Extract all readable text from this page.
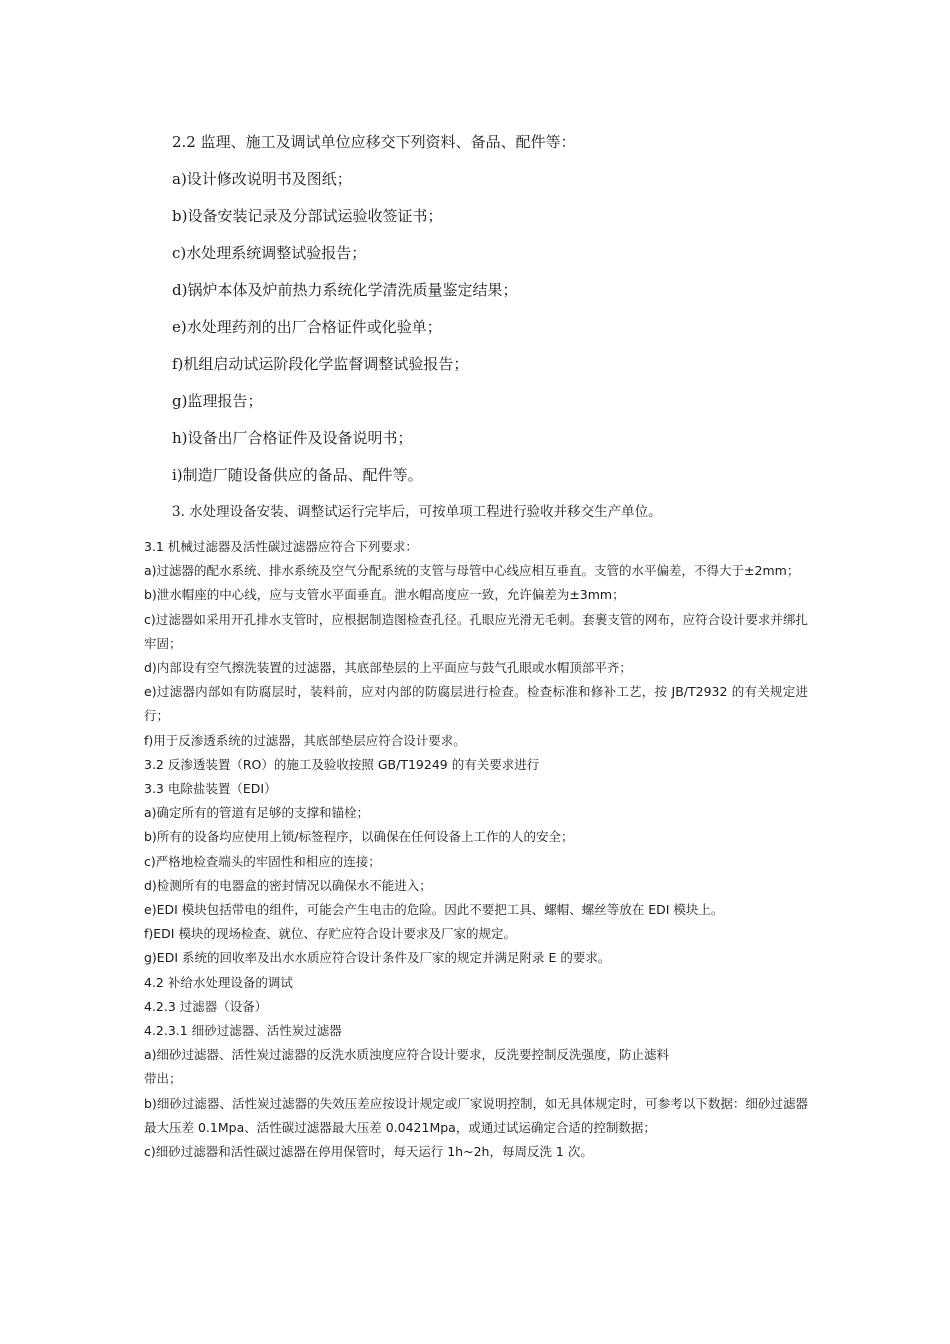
2.2 监理、施工及调试单位应移交下列资料、备品、配件等：

a)设计修改说明书及图纸；

b)设备安装记录及分部试运验收签证书；

c)水处理系统调整试验报告；

d)锅炉本体及炉前热力系统化学清洗质量鉴定结果；

e)水处理药剂的出厂合格证件或化验单；

f)机组启动试运阶段化学监督调整试验报告；

g)监理报告；

h)设备出厂合格证件及设备说明书；

i)制造厂随设备供应的备品、配件等。

3. 水处理设备安装、调整试运行完毕后，可按单项工程进行验收并移交生产单位。

3.1 机械过滤器及活性碳过滤器应符合下列要求：

a)过滤器的配水系统、排水系统及空气分配系统的支管与母管中心线应相互垂直。支管的水平偏差，不得大于±2mm；

b)泄水帽座的中心线，应与支管水平面垂直。泄水帽高度应一致，允许偏差为±3mm；

c)过滤器如采用开孔排水支管时，应根据制造图检查孔径。孔眼应光滑无毛刺。套裹支管的网布，应符合设计要求并绑扎牢固；

d)内部设有空气擦洗装置的过滤器，其底部垫层的上平面应与鼓气孔眼或水帽顶部平齐；

e)过滤器内部如有防腐层时，装料前，应对内部的防腐层进行检查。检查标准和修补工艺，按 JB/T2932 的有关规定进行；

f)用于反渗透系统的过滤器，其底部垫层应符合设计要求。

3.2 反渗透装置（RO）的施工及验收按照 GB/T19249 的有关要求进行

3.3 电除盐装置（EDI）

a)确定所有的管道有足够的支撑和锚栓；

b)所有的设备均应使用上锁/标签程序，以确保在任何设备上工作的人的安全；

c)严格地检查端头的牢固性和相应的连接；

d)检测所有的电器盒的密封情况以确保水不能进入；

e)EDI 模块包括带电的组件，可能会产生电击的危险。因此不要把工具、螺帽、螺丝等放在 EDI 模块上。

f)EDI 模块的现场检查、就位、存贮应符合设计要求及厂家的规定。

g)EDI 系统的回收率及出水水质应符合设计条件及厂家的规定并满足附录 E 的要求。

4.2 补给水处理设备的调试

4.2.3 过滤器（设备）

4.2.3.1 细砂过滤器、活性炭过滤器

a)细砂过滤器、活性炭过滤器的反洗水质浊度应符合设计要求，反洗要控制反洗强度，防止滤料

带出；

b)细砂过滤器、活性炭过滤器的失效压差应按设计规定或厂家说明控制，如无具体规定时，可参考以下数据：细砂过滤器最大压差 0.1Mpa、活性碳过滤器最大压差 0.0421Mpa，或通过试运确定合适的控制数据；

c)细砂过滤器和活性碳过滤器在停用保管时，每天运行 1h~2h，每周反洗 1 次。
